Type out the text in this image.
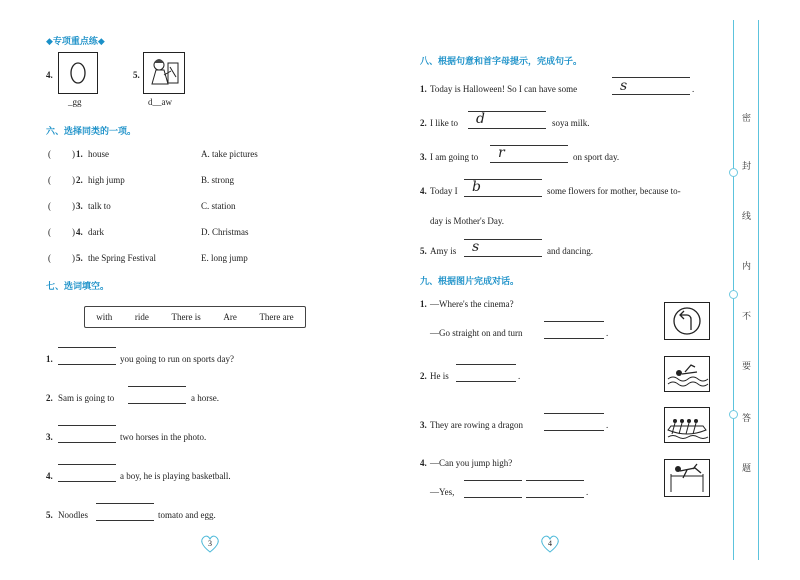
◆专项重点练◆
4.
_gg
5.
d__aw
六、选择同类的一项。
( ) 1. house	A. take pictures
( ) 2. high jump	B. strong
( ) 3. talk to	C. station
( ) 4. dark	D. Christmas
( ) 5. the Spring Festival	E. long jump
七、选词填空。
with	ride	There is	Are	There are
1.	you going to run on sports day?
2. Sam is going to	a horse.
3.	two horses in the photo.
4.	a boy, he is playing basketball.
5. Noodles	tomato and egg.
3
八、根据句意和首字母提示，完成句子。
1. Today is Halloween! So I can have some	s	.
2. I like to d	soya milk.
3. I am going to r	on sport day.
4. Today I b	some flowers for mother, because to-
day is Mother's Day.
5. Amy is s	and dancing.
九、根据图片完成对话。
1. —Where's the cinema?
—Go straight on and turn	.
2. He is	.
3. They are rowing a dragon	.
4. —Can you jump high?
—Yes,	.
4
密
封
线
内
不
要
答
题
